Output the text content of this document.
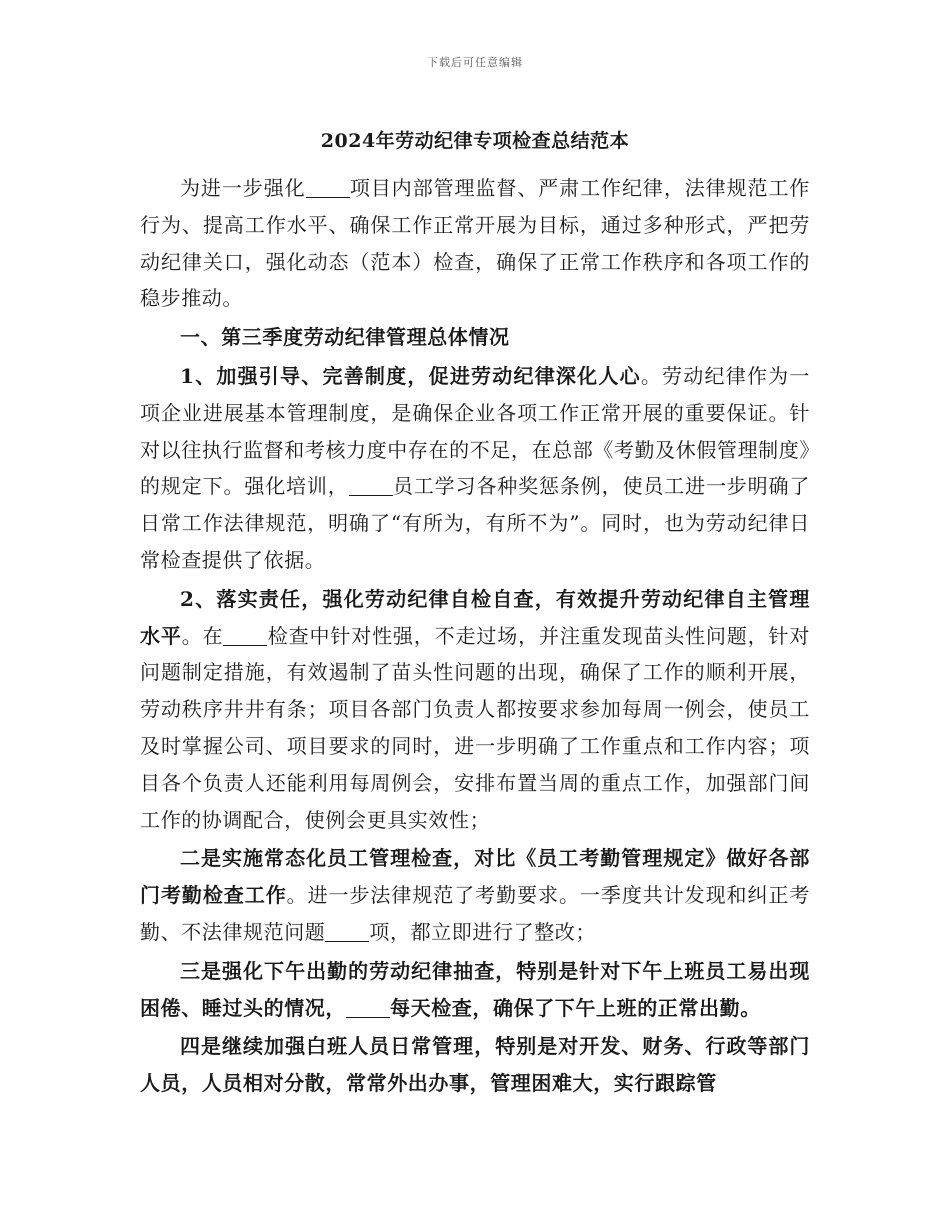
下载后可任意编辑
2024年劳动纪律专项检查总结范本

为进一步强化 项目内部管理监督、严肃工作纪律，法律规范工作行为、提高工作水平、确保工作正常开展为目标，通过多种形式，严把劳动纪律关口，强化动态（范本）检查，确保了正常工作秩序和各项工作的稳步推动。

一、第三季度劳动纪律管理总体情况

1、加强引导、完善制度，促进劳动纪律深化人心。劳动纪律作为一项企业进展基本管理制度，是确保企业各项工作正常开展的重要保证。针对以往执行监督和考核力度中存在的不足，在总部《考勤及休假管理制度》的规定下。强化培训， 员工学习各种奖惩条例，使员工进一步明确了日常工作法律规范，明确了“有所为，有所不为”。同时，也为劳动纪律日常检查提供了依据。

2、落实责任，强化劳动纪律自检自查，有效提升劳动纪律自主管理水平。在 检查中针对性强，不走过场，并注重发现苗头性问题，针对问题制定措施，有效遏制了苗头性问题的出现，确保了工作的顺利开展，劳动秩序井井有条；项目各部门负责人都按要求参加每周一例会，使员工及时掌握公司、项目要求的同时，进一步明确了工作重点和工作内容；项目各个负责人还能利用每周例会，安排布置当周的重点工作，加强部门间工作的协调配合，使例会更具实效性；

二是实施常态化员工管理检查，对比《员工考勤管理规定》做好各部门考勤检查工作。进一步法律规范了考勤要求。一季度共计发现和纠正考勤、不法律规范问题 项，都立即进行了整改；

三是强化下午出勤的劳动纪律抽查，特别是针对下午上班员工易出现困倦、睡过头的情况， 每天检查，确保了下午上班的正常出勤。

四是继续加强白班人员日常管理，特别是对开发、财务、行政等部门人员，人员相对分散，常常外出办事，管理困难大，实行跟踪管
